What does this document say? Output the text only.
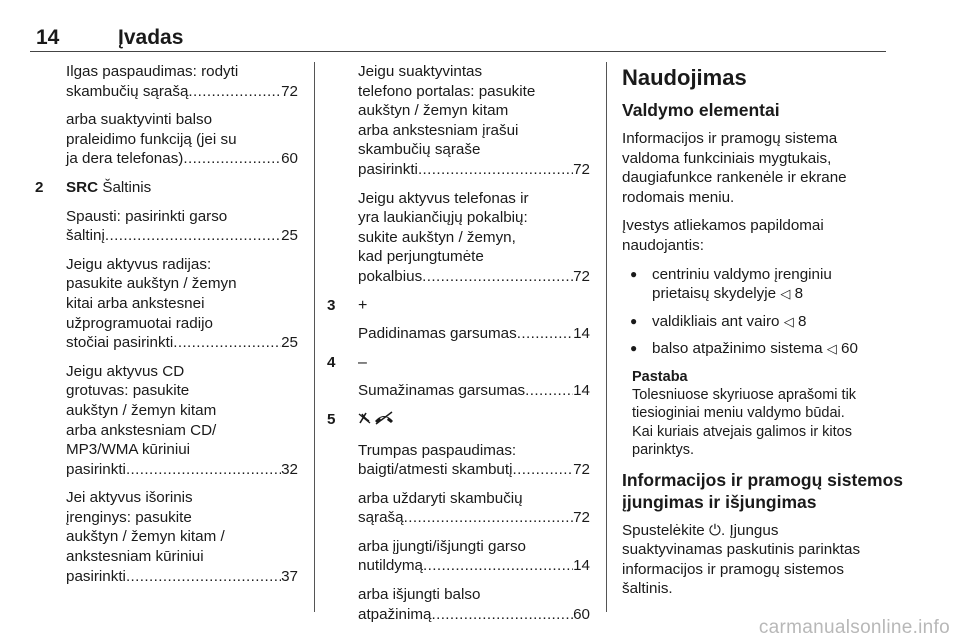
14	Įvadas

Ilgas paspaudimas: rodyti
skambučių sąrašą .....	72

arba suaktyvinti balso
praleidimo funkciją (jei su
ja dera telefonas) .....	60

2 SRC Šaltinis

Spausti: pasirinkti garso
šaltinį .....	25

Jeigu aktyvus radijas:
pasukite aukštyn / žemyn
kitai arba ankstesnei
užprogramuotai radijo
stočiai pasirinkti .....	25

Jeigu aktyvus CD
grotuvas: pasukite
aukštyn / žemyn kitam
arba ankstesniam CD/
MP3/WMA kūriniui
pasirinkti .....	32

Jei aktyvus išorinis
įrenginys: pasukite
aukštyn / žemyn kitam /
ankstesniam kūriniui
pasirinkti .....	37

Jeigu suaktyvintas
telefono portalas: pasukite
aukštyn / žemyn kitam
arba ankstesniam įrašui
skambučių sąraše
pasirinkti .....	72

Jeigu aktyvus telefonas ir
yra laukiančiųjų pokalbių:
sukite aukštyn / žemyn,
kad perjungtumėte
pokalbius .....	72

3 +

Padidinamas garsumas .....	14

4 –

Sumažinamas garsumas .....	14

5

Trumpas paspaudimas:
baigti/atmesti skambutį .....	72

arba uždaryti skambučių
sąrašą .....	72

arba įjungti/išjungti garso
nutildymą .....	14

arba išjungti balso
atpažinimą .....	60

Naudojimas
Valdymo elementai

Informacijos ir pramogų sistema
valdoma funkciniais mygtukais,
daugiafunkce rankenėle ir ekrane
rodomais meniu.

Įvestys atliekamos papildomai
naudojantis:

● centriniu valdymo įrenginiu
prietaisų skydelyje ◁ 8
● valdikliais ant vairo ◁ 8
● balso atpažinimo sistema ◁ 60
Pastaba
Tolesniuose skyriuose aprašomi tik
tiesioginiai meniu valdymo būdai.
Kai kuriais atvejais galimos ir kitos
parinktys.
Informacijos ir pramogų sistemos
įjungimas ir išjungimas

Spustelėkite ⏻. Įjungus
suaktyvinamas paskutinis parinktas
informacijos ir pramogų sistemos
šaltinis.

carmanualsonline.info
